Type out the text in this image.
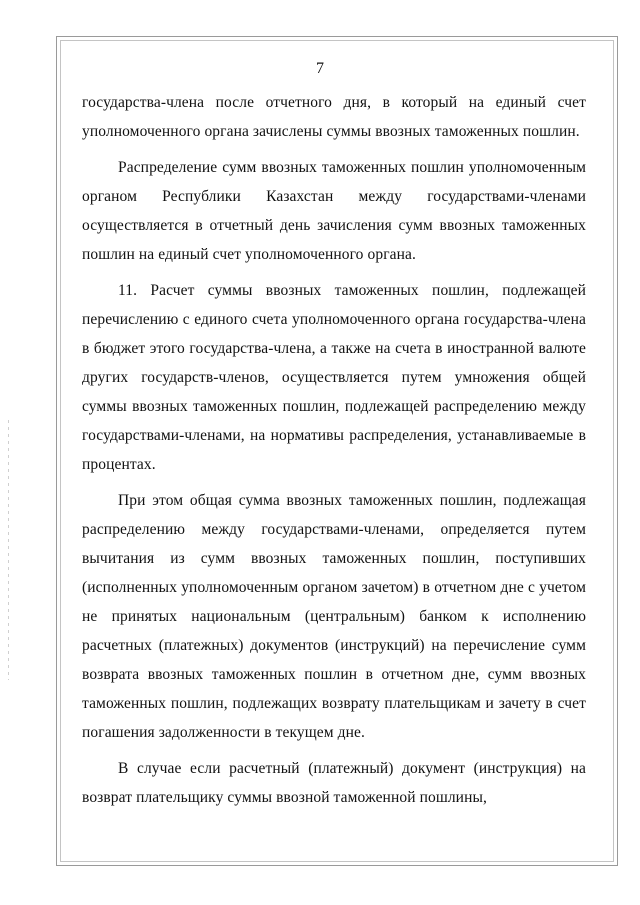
7

государства-члена после отчетного дня, в который на единый счет уполномоченного органа зачислены суммы ввозных таможенных пошлин.

Распределение сумм ввозных таможенных пошлин уполномоченным органом Республики Казахстан между государствами-членами осуществляется в отчетный день зачисления сумм ввозных таможенных пошлин на единый счет уполномоченного органа.

11. Расчет суммы ввозных таможенных пошлин, подлежащей перечислению с единого счета уполномоченного органа государства-члена в бюджет этого государства-члена, а также на счета в иностранной валюте других государств-членов, осуществляется путем умножения общей суммы ввозных таможенных пошлин, подлежащей распределению между государствами-членами, на нормативы распределения, устанавливаемые в процентах.

При этом общая сумма ввозных таможенных пошлин, подлежащая распределению между государствами-членами, определяется путем вычитания из сумм ввозных таможенных пошлин, поступивших (исполненных уполномоченным органом зачетом) в отчетном дне с учетом не принятых национальным (центральным) банком к исполнению расчетных (платежных) документов (инструкций) на перечисление сумм возврата ввозных таможенных пошлин в отчетном дне, сумм ввозных таможенных пошлин, подлежащих возврату плательщикам и зачету в счет погашения задолженности в текущем дне.

В случае если расчетный (платежный) документ (инструкция) на возврат плательщику суммы ввозной таможенной пошлины,
